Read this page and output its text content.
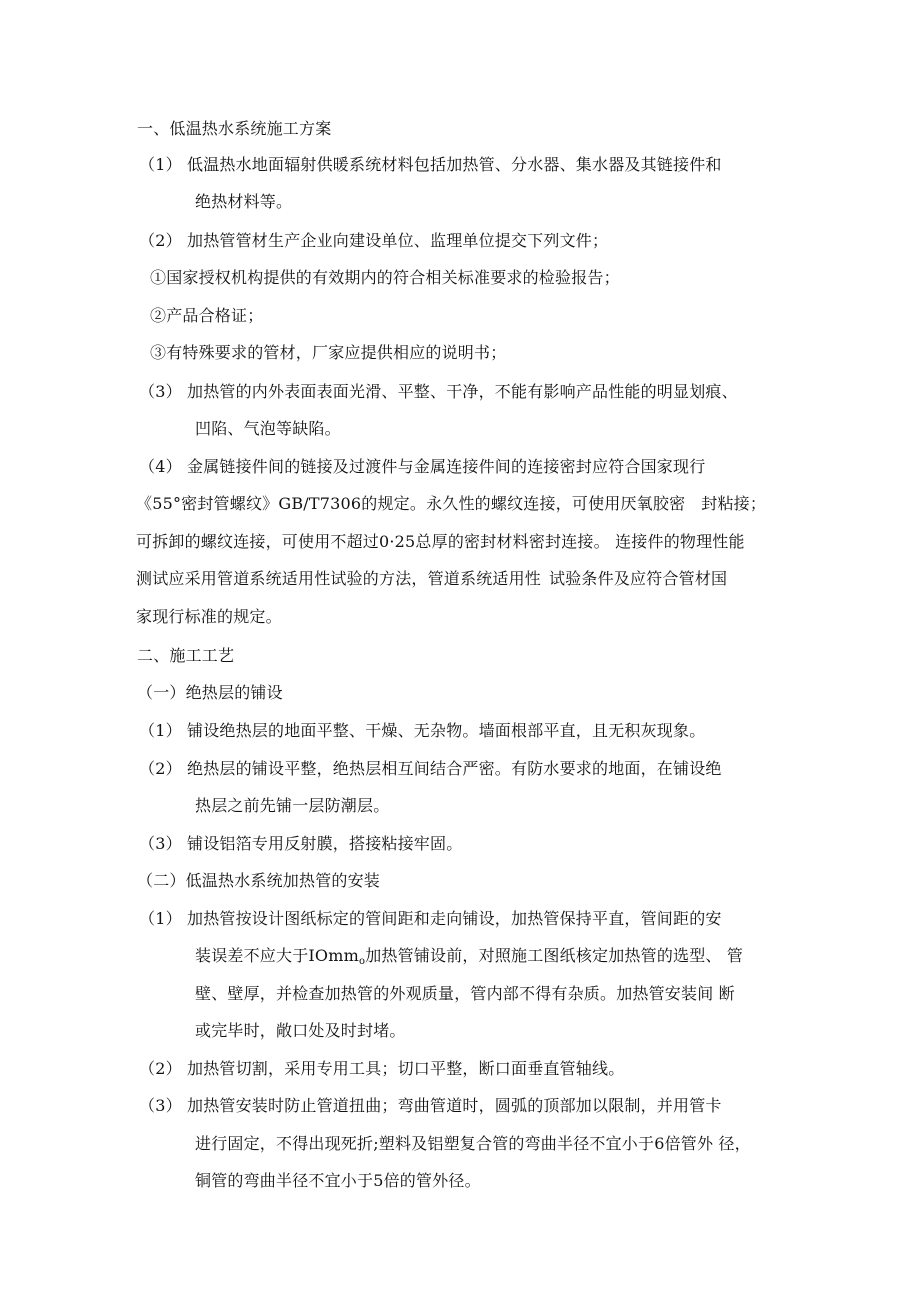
一、低温热水系统施工方案
（1） 低温热水地面辐射供暖系统材料包括加热管、分水器、集水器及其链接件和
绝热材料等。
（2） 加热管管材生产企业向建设单位、监理单位提交下列文件；
①国家授权机构提供的有效期内的符合相关标准要求的检验报告；
②产品合格证；
③有特殊要求的管材，厂家应提供相应的说明书；
（3） 加热管的内外表面表面光滑、平整、干净，不能有影响产品性能的明显划痕、
凹陷、气泡等缺陷。
（4） 金属链接件间的链接及过渡件与金属连接件间的连接密封应符合国家现行
《55°密封管螺纹》GB/T7306的规定。永久性的螺纹连接，可使用厌氧胶密 封粘接；
可拆卸的螺纹连接，可使用不超过0·25总厚的密封材料密封连接。 连接件的物理性能
测试应采用管道系统适用性试验的方法，管道系统适用性 试验条件及应符合管材国
家现行标准的规定。
二、施工工艺
（一）绝热层的铺设
（1） 铺设绝热层的地面平整、干燥、无杂物。墙面根部平直，且无积灰现象。
（2） 绝热层的铺设平整，绝热层相互间结合严密。有防水要求的地面，在铺设绝
热层之前先铺一层防潮层。
（3） 铺设铝箔专用反射膜，搭接粘接牢固。
（二）低温热水系统加热管的安装
（1） 加热管按设计图纸标定的管间距和走向铺设，加热管保持平直，管间距的安
装误差不应大于IOmm$_o$加热管铺设前，对照施工图纸核定加热管的选型、 管
壁、壁厚，并检查加热管的外观质量，管内部不得有杂质。加热管安装间 断
或完毕时，敞口处及时封堵。
（2） 加热管切割，采用专用工具；切口平整，断口面垂直管轴线。
（3） 加热管安装时防止管道扭曲；弯曲管道时，圆弧的顶部加以限制，并用管卡
进行固定，不得出现死折;塑料及铝塑复合管的弯曲半径不宜小于6倍管外 径，
铜管的弯曲半径不宜小于5倍的管外径。
